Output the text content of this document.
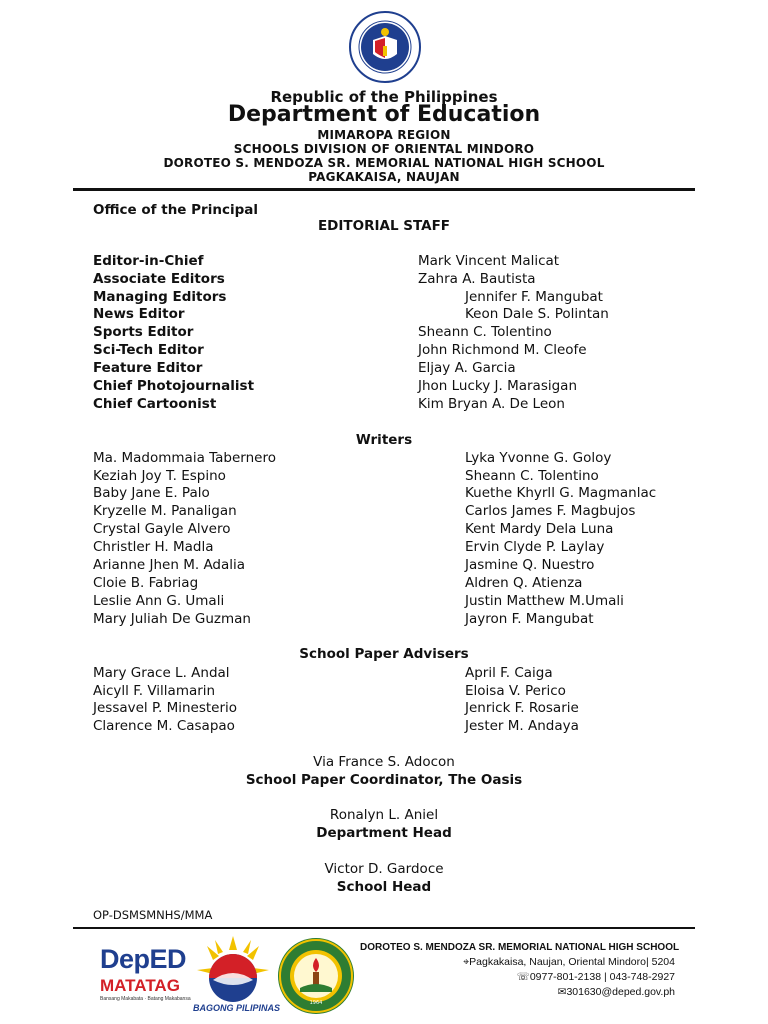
Republic of the Philippines
Department of Education
MIMAROPA REGION
SCHOOLS DIVISION OF ORIENTAL MINDORO
DOROTEO S. MENDOZA SR. MEMORIAL NATIONAL HIGH SCHOOL
PAGKAKAISA, NAUJAN
Office of the Principal
EDITORIAL STAFF
Editor-in-Chief	Mark Vincent Malicat
Associate Editors	Zahra A. Bautista
Managing Editors	Jennifer F. Mangubat
News Editor	Keon Dale S. Polintan
Sports Editor	Sheann C. Tolentino
Sci-Tech Editor	John Richmond M. Cleofe
Feature Editor	Eljay A. Garcia
Chief Photojournalist	Jhon Lucky J. Marasigan
Chief Cartoonist	Kim Bryan A. De Leon
Writers
Ma. Madommaia Tabernero	Lyka Yvonne G. Goloy
Keziah Joy T. Espino	Sheann C. Tolentino
Baby Jane E. Palo	Kuethe Khyrll G. Magmanlac
Kryzelle M. Panaligan	Carlos James F. Magbujos
Crystal Gayle Alvero	Kent Mardy Dela Luna
Christler H. Madla	Ervin Clyde P. Laylay
Arianne Jhen M. Adalia	Jasmine Q. Nuestro
Cloie B. Fabriag	Aldren Q. Atienza
Leslie Ann G. Umali	Justin Matthew M.Umali
Mary Juliah De Guzman	Jayron F. Mangubat
School Paper Advisers
Mary Grace L. Andal	April F. Caiga
Aicyll F. Villamarin	Eloisa V. Perico
Jessavel P. Minesterio	Jenrick F. Rosarie
Clarence M. Casapao	Jester M. Andaya
Via France S. Adocon
School Paper Coordinator, The Oasis
Ronalyn L. Aniel
Department Head
Victor D. Gardoce
School Head
OP-DSMSMNHS/MMA
DepED
MATATAG
Bansang Makabata · Batang Makabansa
BAGONG PILIPINAS	1964
DOROTEO S. MENDOZA SR. MEMORIAL NATIONAL HIGH SCHOOL
⌖Pagkakaisa, Naujan, Oriental Mindoro| 5204
☏0977-801-2138 | 043-748-2927
✉301630@deped.gov.ph
